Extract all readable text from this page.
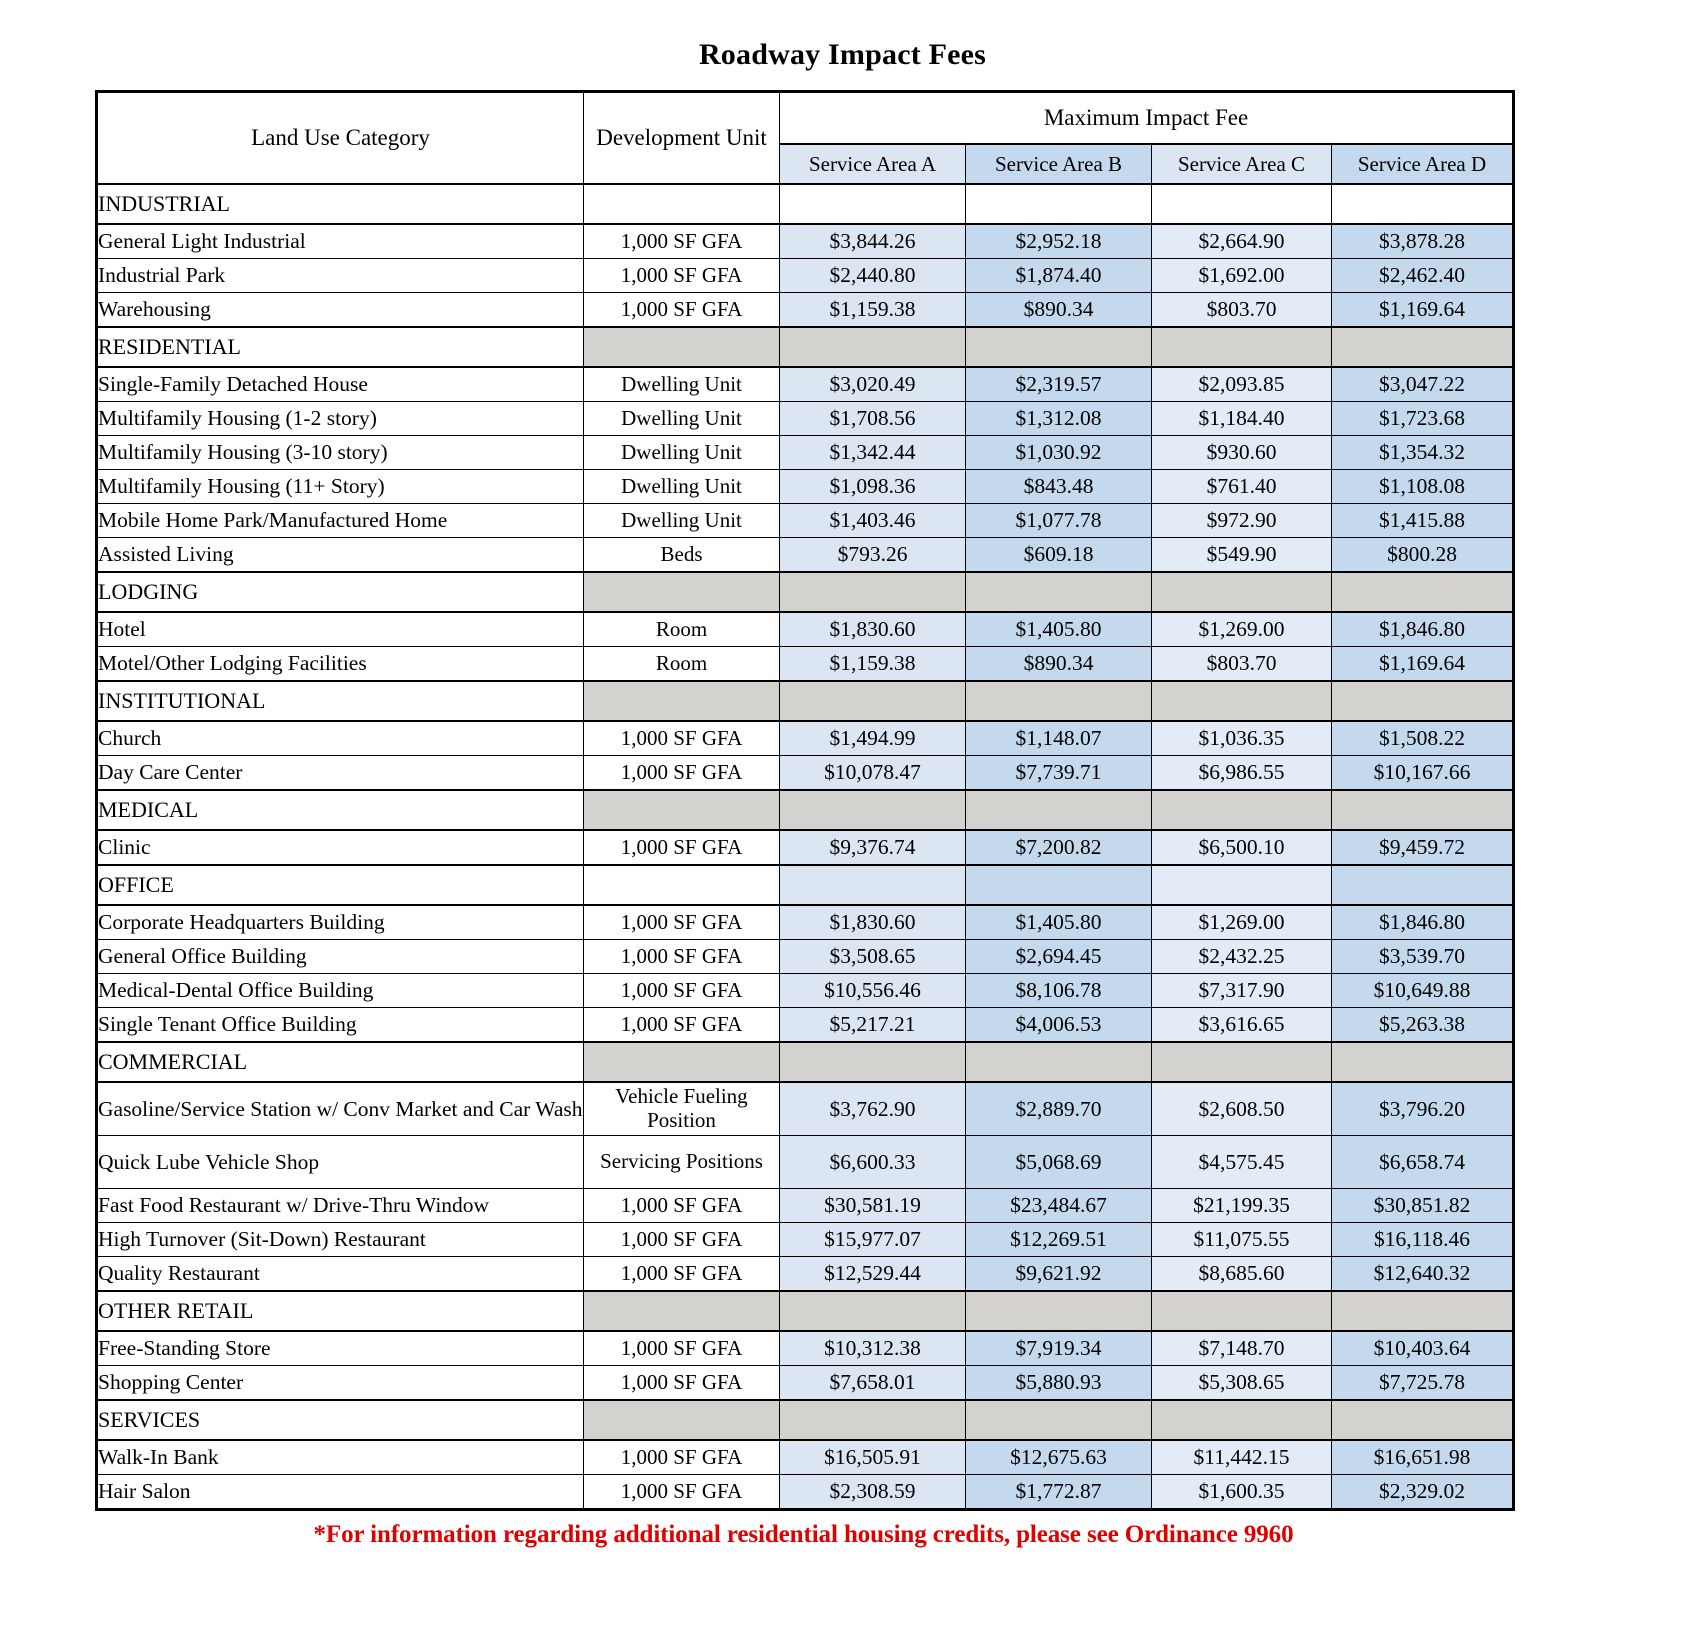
Roadway Impact Fees
Land Use Category	Development Unit	Maximum Impact Fee			
		Service Area A	Service Area B	Service Area C	Service Area D
INDUSTRIAL					
General Light Industrial	1,000 SF GFA	$3,844.26	$2,952.18	$2,664.90	$3,878.28
Industrial Park	1,000 SF GFA	$2,440.80	$1,874.40	$1,692.00	$2,462.40
Warehousing	1,000 SF GFA	$1,159.38	$890.34	$803.70	$1,169.64
RESIDENTIAL					
Single-Family Detached House	Dwelling Unit	$3,020.49	$2,319.57	$2,093.85	$3,047.22
Multifamily Housing (1-2 story)	Dwelling Unit	$1,708.56	$1,312.08	$1,184.40	$1,723.68
Multifamily Housing (3-10 story)	Dwelling Unit	$1,342.44	$1,030.92	$930.60	$1,354.32
Multifamily Housing (11+ Story)	Dwelling Unit	$1,098.36	$843.48	$761.40	$1,108.08
Mobile Home Park/Manufactured Home	Dwelling Unit	$1,403.46	$1,077.78	$972.90	$1,415.88
Assisted Living	Beds	$793.26	$609.18	$549.90	$800.28
LODGING					
Hotel	Room	$1,830.60	$1,405.80	$1,269.00	$1,846.80
Motel/Other Lodging Facilities	Room	$1,159.38	$890.34	$803.70	$1,169.64
INSTITUTIONAL					
Church	1,000 SF GFA	$1,494.99	$1,148.07	$1,036.35	$1,508.22
Day Care Center	1,000 SF GFA	$10,078.47	$7,739.71	$6,986.55	$10,167.66
MEDICAL					
Clinic	1,000 SF GFA	$9,376.74	$7,200.82	$6,500.10	$9,459.72
OFFICE					
Corporate Headquarters Building	1,000 SF GFA	$1,830.60	$1,405.80	$1,269.00	$1,846.80
General Office Building	1,000 SF GFA	$3,508.65	$2,694.45	$2,432.25	$3,539.70
Medical-Dental Office Building	1,000 SF GFA	$10,556.46	$8,106.78	$7,317.90	$10,649.88
Single Tenant Office Building	1,000 SF GFA	$5,217.21	$4,006.53	$3,616.65	$5,263.38
COMMERCIAL					
Gasoline/Service Station w/ Conv Market and Car Wash	Vehicle Fueling Position	$3,762.90	$2,889.70	$2,608.50	$3,796.20
Quick Lube Vehicle Shop	Servicing Positions	$6,600.33	$5,068.69	$4,575.45	$6,658.74
Fast Food Restaurant w/ Drive-Thru Window	1,000 SF GFA	$30,581.19	$23,484.67	$21,199.35	$30,851.82
High Turnover (Sit-Down) Restaurant	1,000 SF GFA	$15,977.07	$12,269.51	$11,075.55	$16,118.46
Quality Restaurant	1,000 SF GFA	$12,529.44	$9,621.92	$8,685.60	$12,640.32
OTHER RETAIL					
Free-Standing Store	1,000 SF GFA	$10,312.38	$7,919.34	$7,148.70	$10,403.64
Shopping Center	1,000 SF GFA	$7,658.01	$5,880.93	$5,308.65	$7,725.78
SERVICES					
Walk-In Bank	1,000 SF GFA	$16,505.91	$12,675.63	$11,442.15	$16,651.98
Hair Salon	1,000 SF GFA	$2,308.59	$1,772.87	$1,600.35	$2,329.02
*For information regarding additional residential housing credits, please see Ordinance 9960
